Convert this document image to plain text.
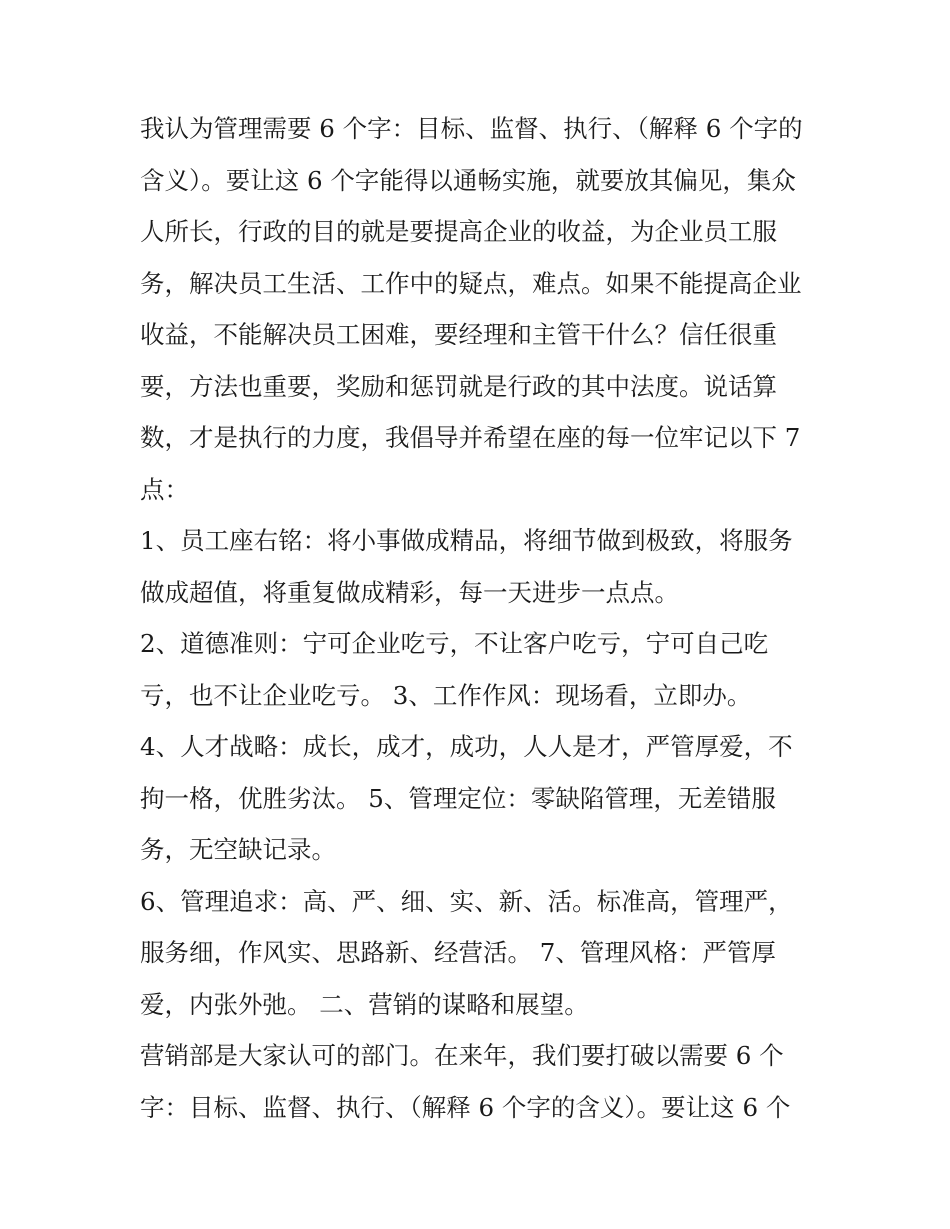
我认为管理需要 6 个字：目标、监督、执行、（解释 6 个字的
含义）。要让这 6 个字能得以通畅实施，就要放其偏见，集众
人所长，行政的目的就是要提高企业的收益，为企业员工服
务，解决员工生活、工作中的疑点，难点。如果不能提高企业
收益，不能解决员工困难，要经理和主管干什么？信任很重
要，方法也重要，奖励和惩罚就是行政的其中法度。说话算
数，才是执行的力度，我倡导并希望在座的每一位牢记以下 7
点：
1、员工座右铭：将小事做成精品，将细节做到极致，将服务
做成超值，将重复做成精彩，每一天进步一点点。
2、道德准则：宁可企业吃亏，不让客户吃亏，宁可自己吃
亏，也不让企业吃亏。 3、工作作风：现场看，立即办。
4、人才战略：成长，成才，成功，人人是才，严管厚爱，不
拘一格，优胜劣汰。 5、管理定位：零缺陷管理，无差错服
务，无空缺记录。
6、管理追求：高、严、细、实、新、活。标准高，管理严，
服务细，作风实、思路新、经营活。 7、管理风格：严管厚
爱，内张外弛。 二、营销的谋略和展望。
营销部是大家认可的部门。在来年，我们要打破以需要 6 个
字：目标、监督、执行、（解释 6 个字的含义）。要让这 6 个
